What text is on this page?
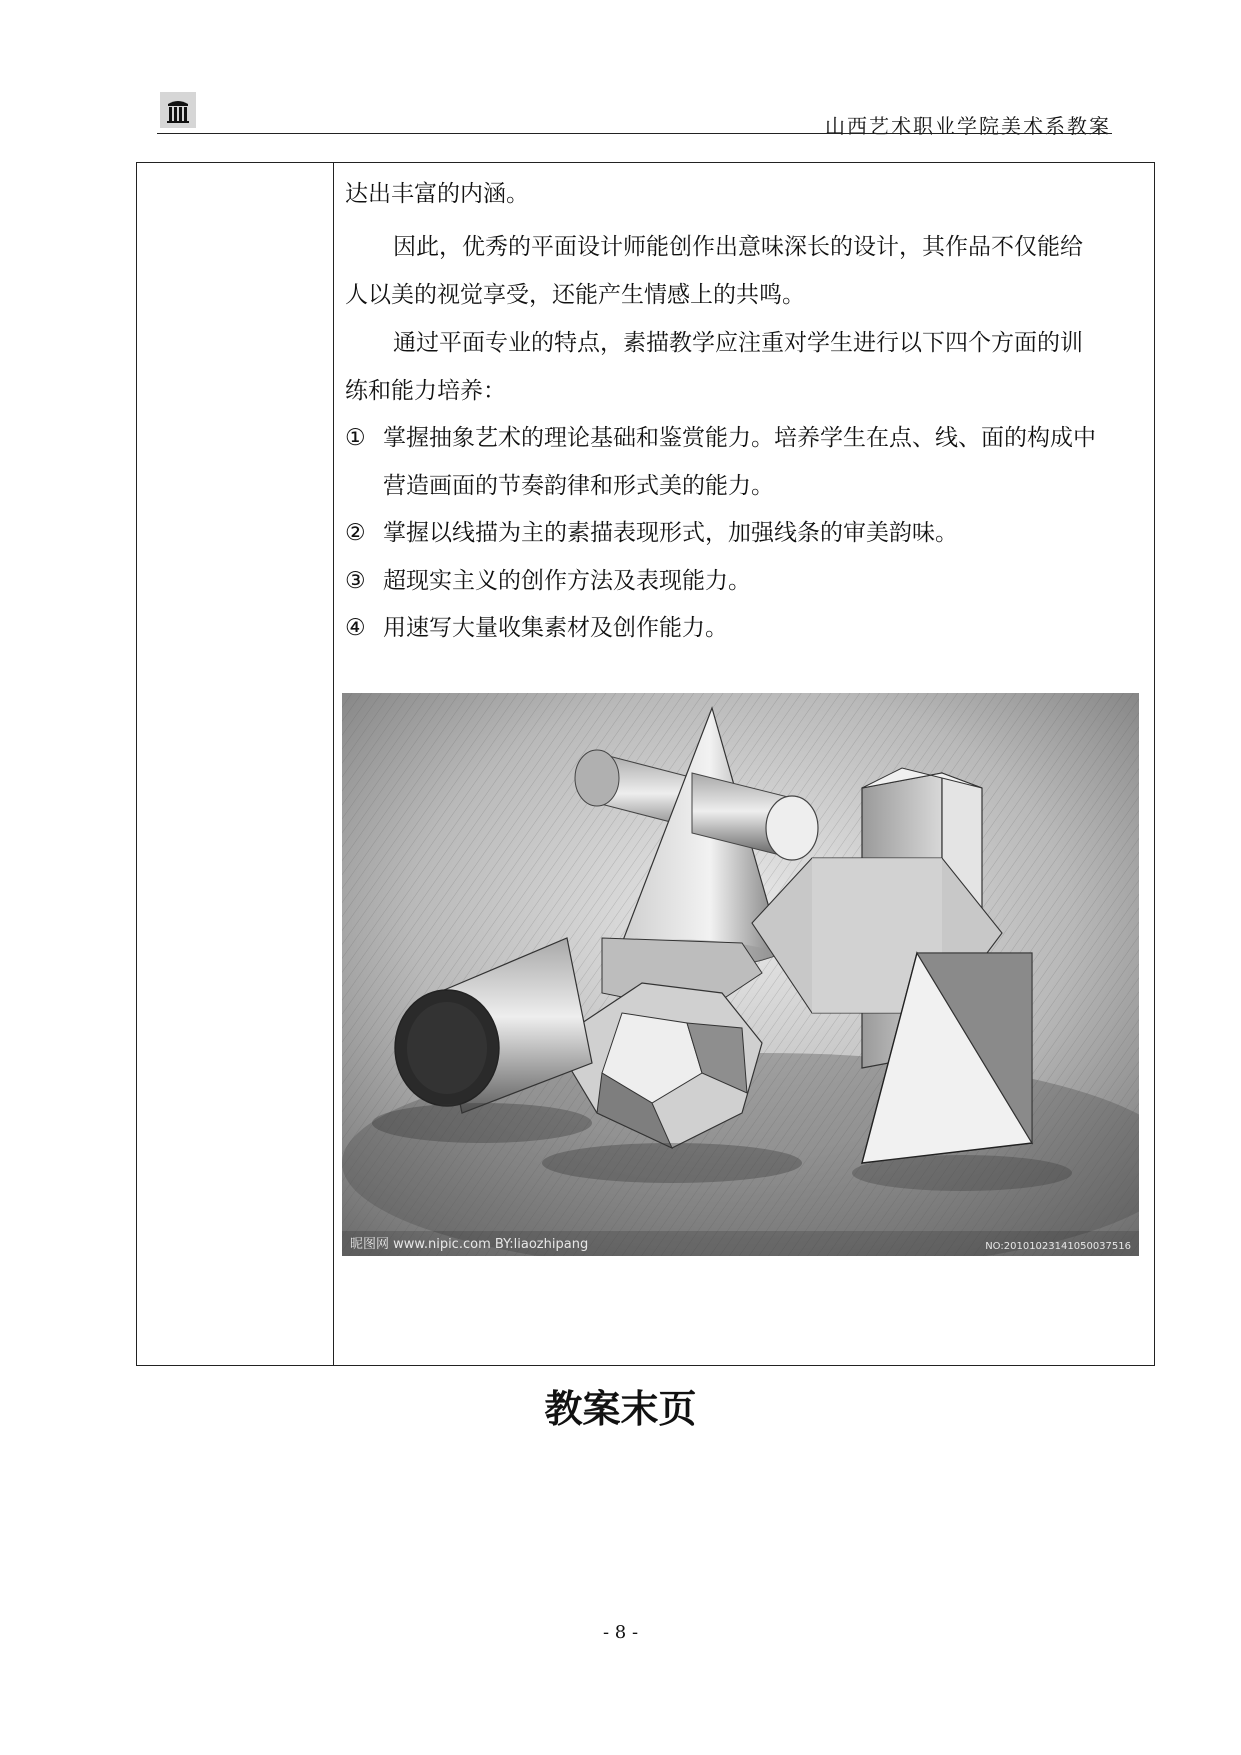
山西艺术职业学院美术系教案
达出丰富的内涵。
因此，优秀的平面设计师能创作出意味深长的设计，其作品不仅能给
人以美的视觉享受，还能产生情感上的共鸣。
通过平面专业的特点，素描教学应注重对学生进行以下四个方面的训
练和能力培养：
① 掌握抽象艺术的理论基础和鉴赏能力。培养学生在点、线、面的构成中
营造画面的节奏韵律和形式美的能力。
② 掌握以线描为主的素描表现形式，加强线条的审美韵味。
③ 超现实主义的创作方法及表现能力。
④ 用速写大量收集素材及创作能力。
昵图网 www.nipic.com BY:liaozhipang	NO:20101023141050037516
教案末页
- 8 -
